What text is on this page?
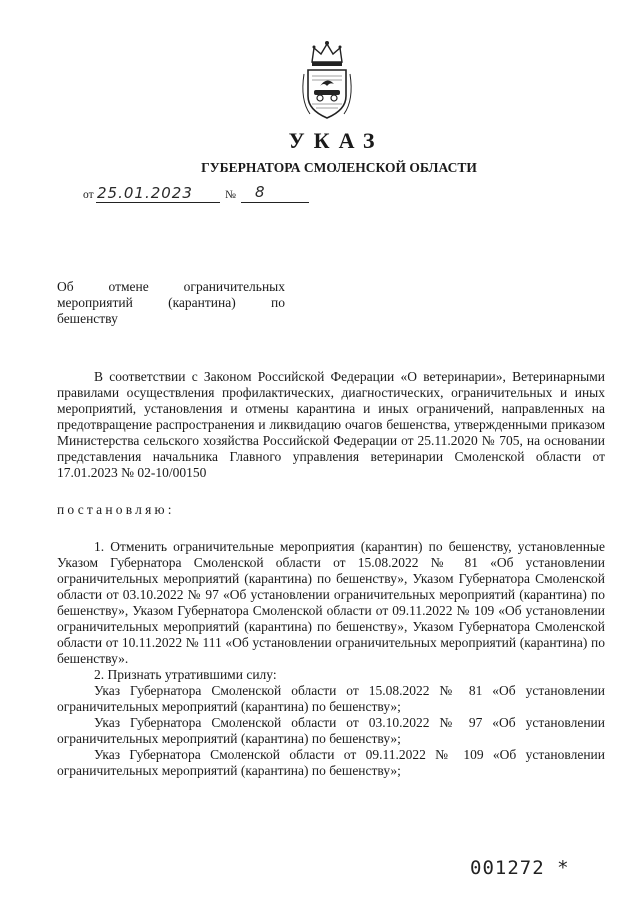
УКАЗ
ГУБЕРНАТОРА СМОЛЕНСКОЙ ОБЛАСТИ
от 25.01.2023	№ 8
Об	отмене	ограничительных
мероприятий	(карантина)	по
бешенству

В соответствии с Законом Российской Федерации «О ветеринарии», Ветеринарными правилами осуществления профилактических, диагностических, ограничительных и иных мероприятий, установления и отмены карантина и иных ограничений, направленных на предотвращение распространения и ликвидацию очагов бешенства, утвержденными приказом Министерства сельского хозяйства Российской Федерации от 25.11.2020 № 705, на основании представления начальника Главного управления ветеринарии Смоленской области от 17.01.2023 № 02-10/00150

постановляю:

1. Отменить ограничительные мероприятия (карантин) по бешенству, установленные Указом Губернатора Смоленской области от 15.08.2022 № 81 «Об установлении ограничительных мероприятий (карантина) по бешенству», Указом Губернатора Смоленской области от 03.10.2022 № 97 «Об установлении ограничительных мероприятий (карантина) по бешенству», Указом Губернатора Смоленской области от 09.11.2022 № 109 «Об установлении ограничительных мероприятий (карантина) по бешенству», Указом Губернатора Смоленской области от 10.11.2022 № 111 «Об установлении ограничительных мероприятий (карантина) по бешенству».

2. Признать утратившими силу:

Указ Губернатора Смоленской области от 15.08.2022 № 81 «Об установлении ограничительных мероприятий (карантина) по бешенству»;

Указ Губернатора Смоленской области от 03.10.2022 № 97 «Об установлении ограничительных мероприятий (карантина) по бешенству»;

Указ Губернатора Смоленской области от 09.11.2022 № 109 «Об установлении ограничительных мероприятий (карантина) по бешенству»;

001272 *
